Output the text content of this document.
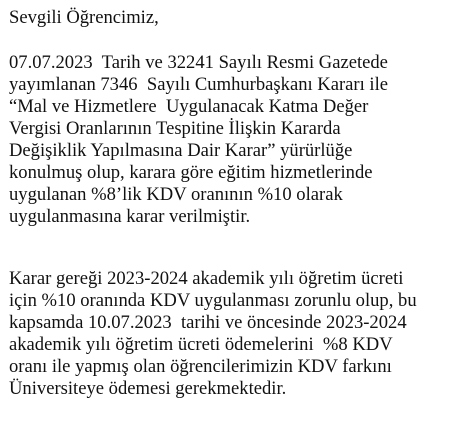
Sevgili Öğrencimiz,
07.07.2023  Tarih ve 32241 Sayılı Resmi Gazetede
yayımlanan 7346  Sayılı Cumhurbaşkanı Kararı ile
“Mal ve Hizmetlere  Uygulanacak Katma Değer
Vergisi Oranlarının Tespitine İlişkin Kararda
Değişiklik Yapılmasına Dair Karar” yürürlüğe
konulmuş olup, karara göre eğitim hizmetlerinde
uygulanan %8’lik KDV oranının %10 olarak
uygulanmasına karar verilmiştir.
Karar gereği 2023-2024 akademik yılı öğretim ücreti
için %10 oranında KDV uygulanması zorunlu olup, bu
kapsamda 10.07.2023  tarihi ve öncesinde 2023-2024
akademik yılı öğretim ücreti ödemelerini  %8 KDV
oranı ile yapmış olan öğrencilerimizin KDV farkını
Üniversiteye ödemesi gerekmektedir.
